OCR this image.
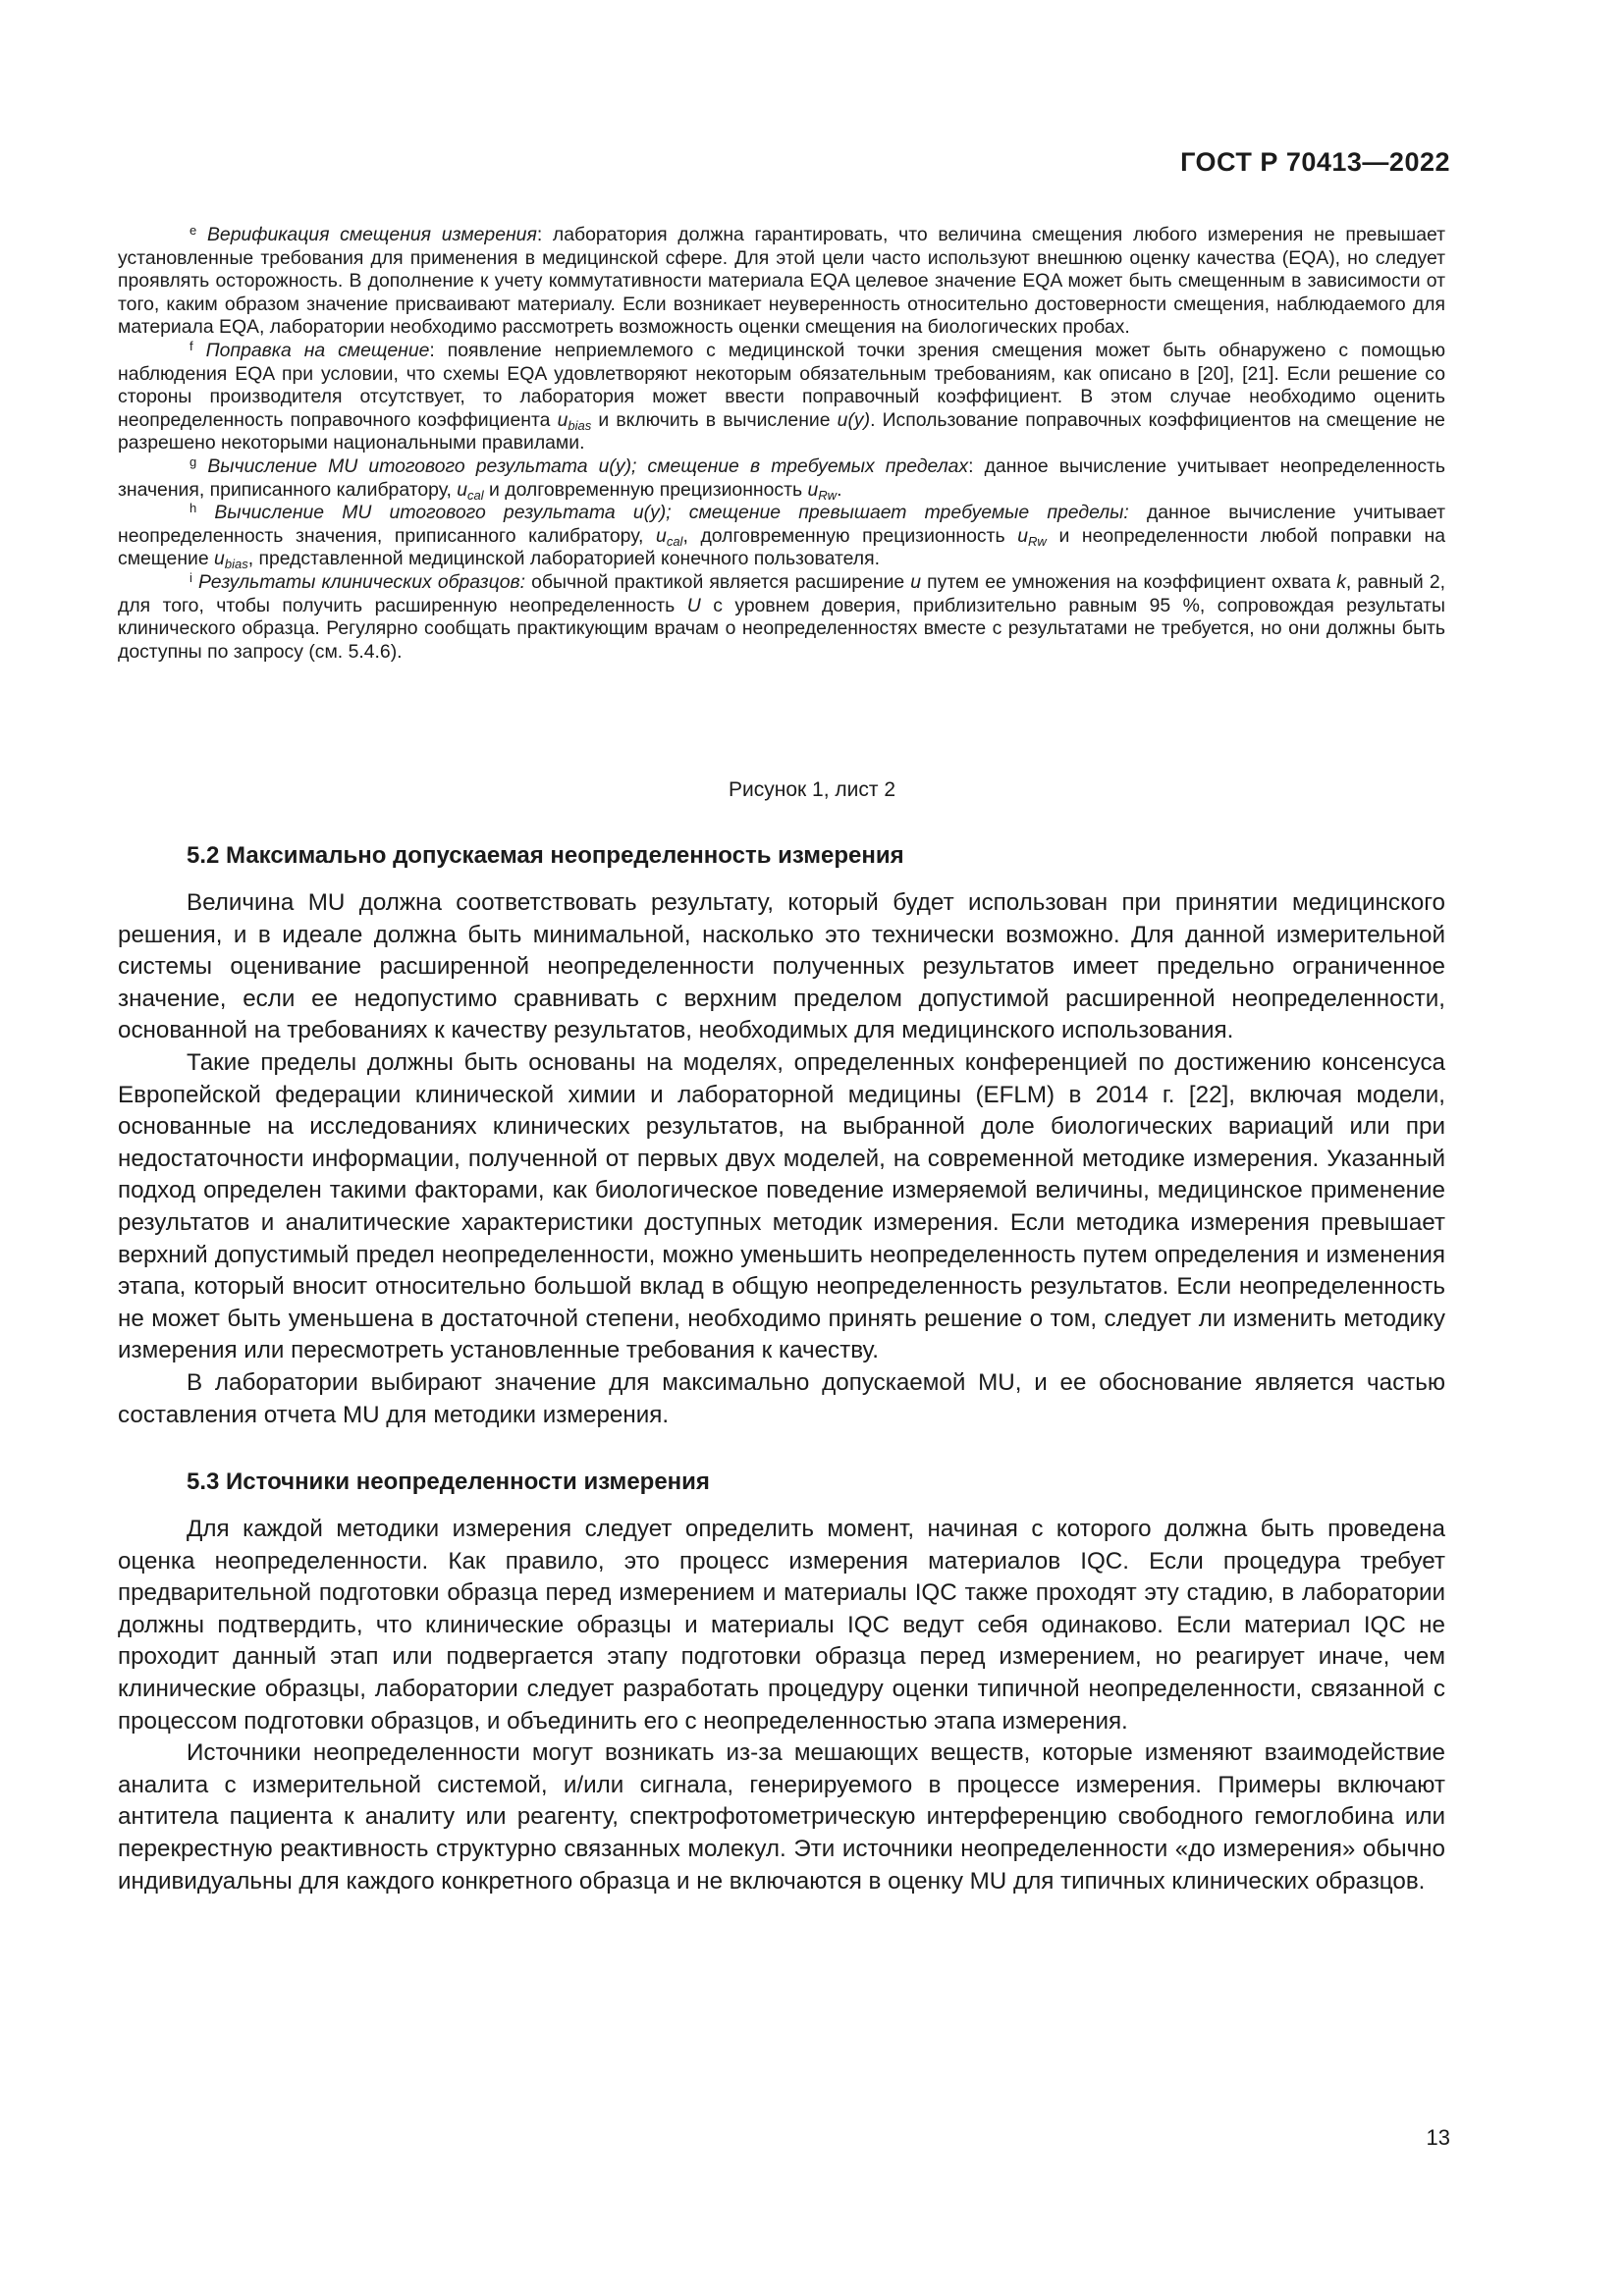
ГОСТ Р 70413—2022

$^e$ Верификация смещения измерения: лаборатория должна гарантировать, что величина смещения любого измерения не превышает установленные требования для применения в медицинской сфере. Для этой цели часто используют внешнюю оценку качества (EQA), но следует проявлять осторожность. В дополнение к учету коммутативности материала EQA целевое значение EQA может быть смещенным в зависимости от того, каким образом значение присваивают материалу. Если возникает неуверенность относительно достоверности смещения, наблюдаемого для материала EQA, лаборатории необходимо рассмотреть возможность оценки смещения на биологических пробах.

$^f$ Поправка на смещение: появление неприемлемого с медицинской точки зрения смещения может быть обнаружено с помощью наблюдения EQA при условии, что схемы EQA удовлетворяют некоторым обязательным требованиям, как описано в [20], [21]. Если решение со стороны производителя отсутствует, то лаборатория может ввести поправочный коэффициент. В этом случае необходимо оценить неопределенность поправочного коэффициента $u_{bias}$ и включить в вычисление u(y). Использование поправочных коэффициентов на смещение не разрешено некоторыми национальными правилами.

$^g$ Вычисление MU итогового результата u(y); смещение в требуемых пределах: данное вычисление учитывает неопределенность значения, приписанного калибратору, $u_{cal}$ и долговременную прецизионность $u_{Rw}$.

$^h$ Вычисление MU итогового результата u(y); смещение превышает требуемые пределы: данное вычисление учитывает неопределенность значения, приписанного калибратору, $u_{cal}$, долговременную прецизионность $u_{Rw}$ и неопределенности любой поправки на смещение $u_{bias}$, представленной медицинской лабораторией конечного пользователя.

$^i$ Результаты клинических образцов: обычной практикой является расширение u путем ее умножения на коэффициент охвата k, равный 2, для того, чтобы получить расширенную неопределенность U с уровнем доверия, приблизительно равным 95 %, сопровождая результаты клинического образца. Регулярно сообщать практикующим врачам о неопределенностях вместе с результатами не требуется, но они должны быть доступны по запросу (см. 5.4.6).

Рисунок 1, лист 2
5.2 Максимально допускаемая неопределенность измерения

Величина MU должна соответствовать результату, который будет использован при принятии медицинского решения, и в идеале должна быть минимальной, насколько это технически возможно. Для данной измерительной системы оценивание расширенной неопределенности полученных результатов имеет предельно ограниченное значение, если ее недопустимо сравнивать с верхним пределом допустимой расширенной неопределенности, основанной на требованиях к качеству результатов, необходимых для медицинского использования.

Такие пределы должны быть основаны на моделях, определенных конференцией по достижению консенсуса Европейской федерации клинической химии и лабораторной медицины (EFLM) в 2014 г. [22], включая модели, основанные на исследованиях клинических результатов, на выбранной доле биологических вариаций или при недостаточности информации, полученной от первых двух моделей, на современной методике измерения. Указанный подход определен такими факторами, как биологическое поведение измеряемой величины, медицинское применение результатов и аналитические характеристики доступных методик измерения. Если методика измерения превышает верхний допустимый предел неопределенности, можно уменьшить неопределенность путем определения и изменения этапа, который вносит относительно большой вклад в общую неопределенность результатов. Если неопределенность не может быть уменьшена в достаточной степени, необходимо принять решение о том, следует ли изменить методику измерения или пересмотреть установленные требования к качеству.

В лаборатории выбирают значение для максимально допускаемой MU, и ее обоснование является частью составления отчета MU для методики измерения.

5.3 Источники неопределенности измерения

Для каждой методики измерения следует определить момент, начиная с которого должна быть проведена оценка неопределенности. Как правило, это процесс измерения материалов IQC. Если процедура требует предварительной подготовки образца перед измерением и материалы IQC также проходят эту стадию, в лаборатории должны подтвердить, что клинические образцы и материалы IQC ведут себя одинаково. Если материал IQC не проходит данный этап или подвергается этапу подготовки образца перед измерением, но реагирует иначе, чем клинические образцы, лаборатории следует разработать процедуру оценки типичной неопределенности, связанной с процессом подготовки образцов, и объединить его с неопределенностью этапа измерения.

Источники неопределенности могут возникать из-за мешающих веществ, которые изменяют взаимодействие аналита с измерительной системой, и/или сигнала, генерируемого в процессе измерения. Примеры включают антитела пациента к аналиту или реагенту, спектрофотометрическую интерференцию свободного гемоглобина или перекрестную реактивность структурно связанных молекул. Эти источники неопределенности «до измерения» обычно индивидуальны для каждого конкретного образца и не включаются в оценку MU для типичных клинических образцов.

13
